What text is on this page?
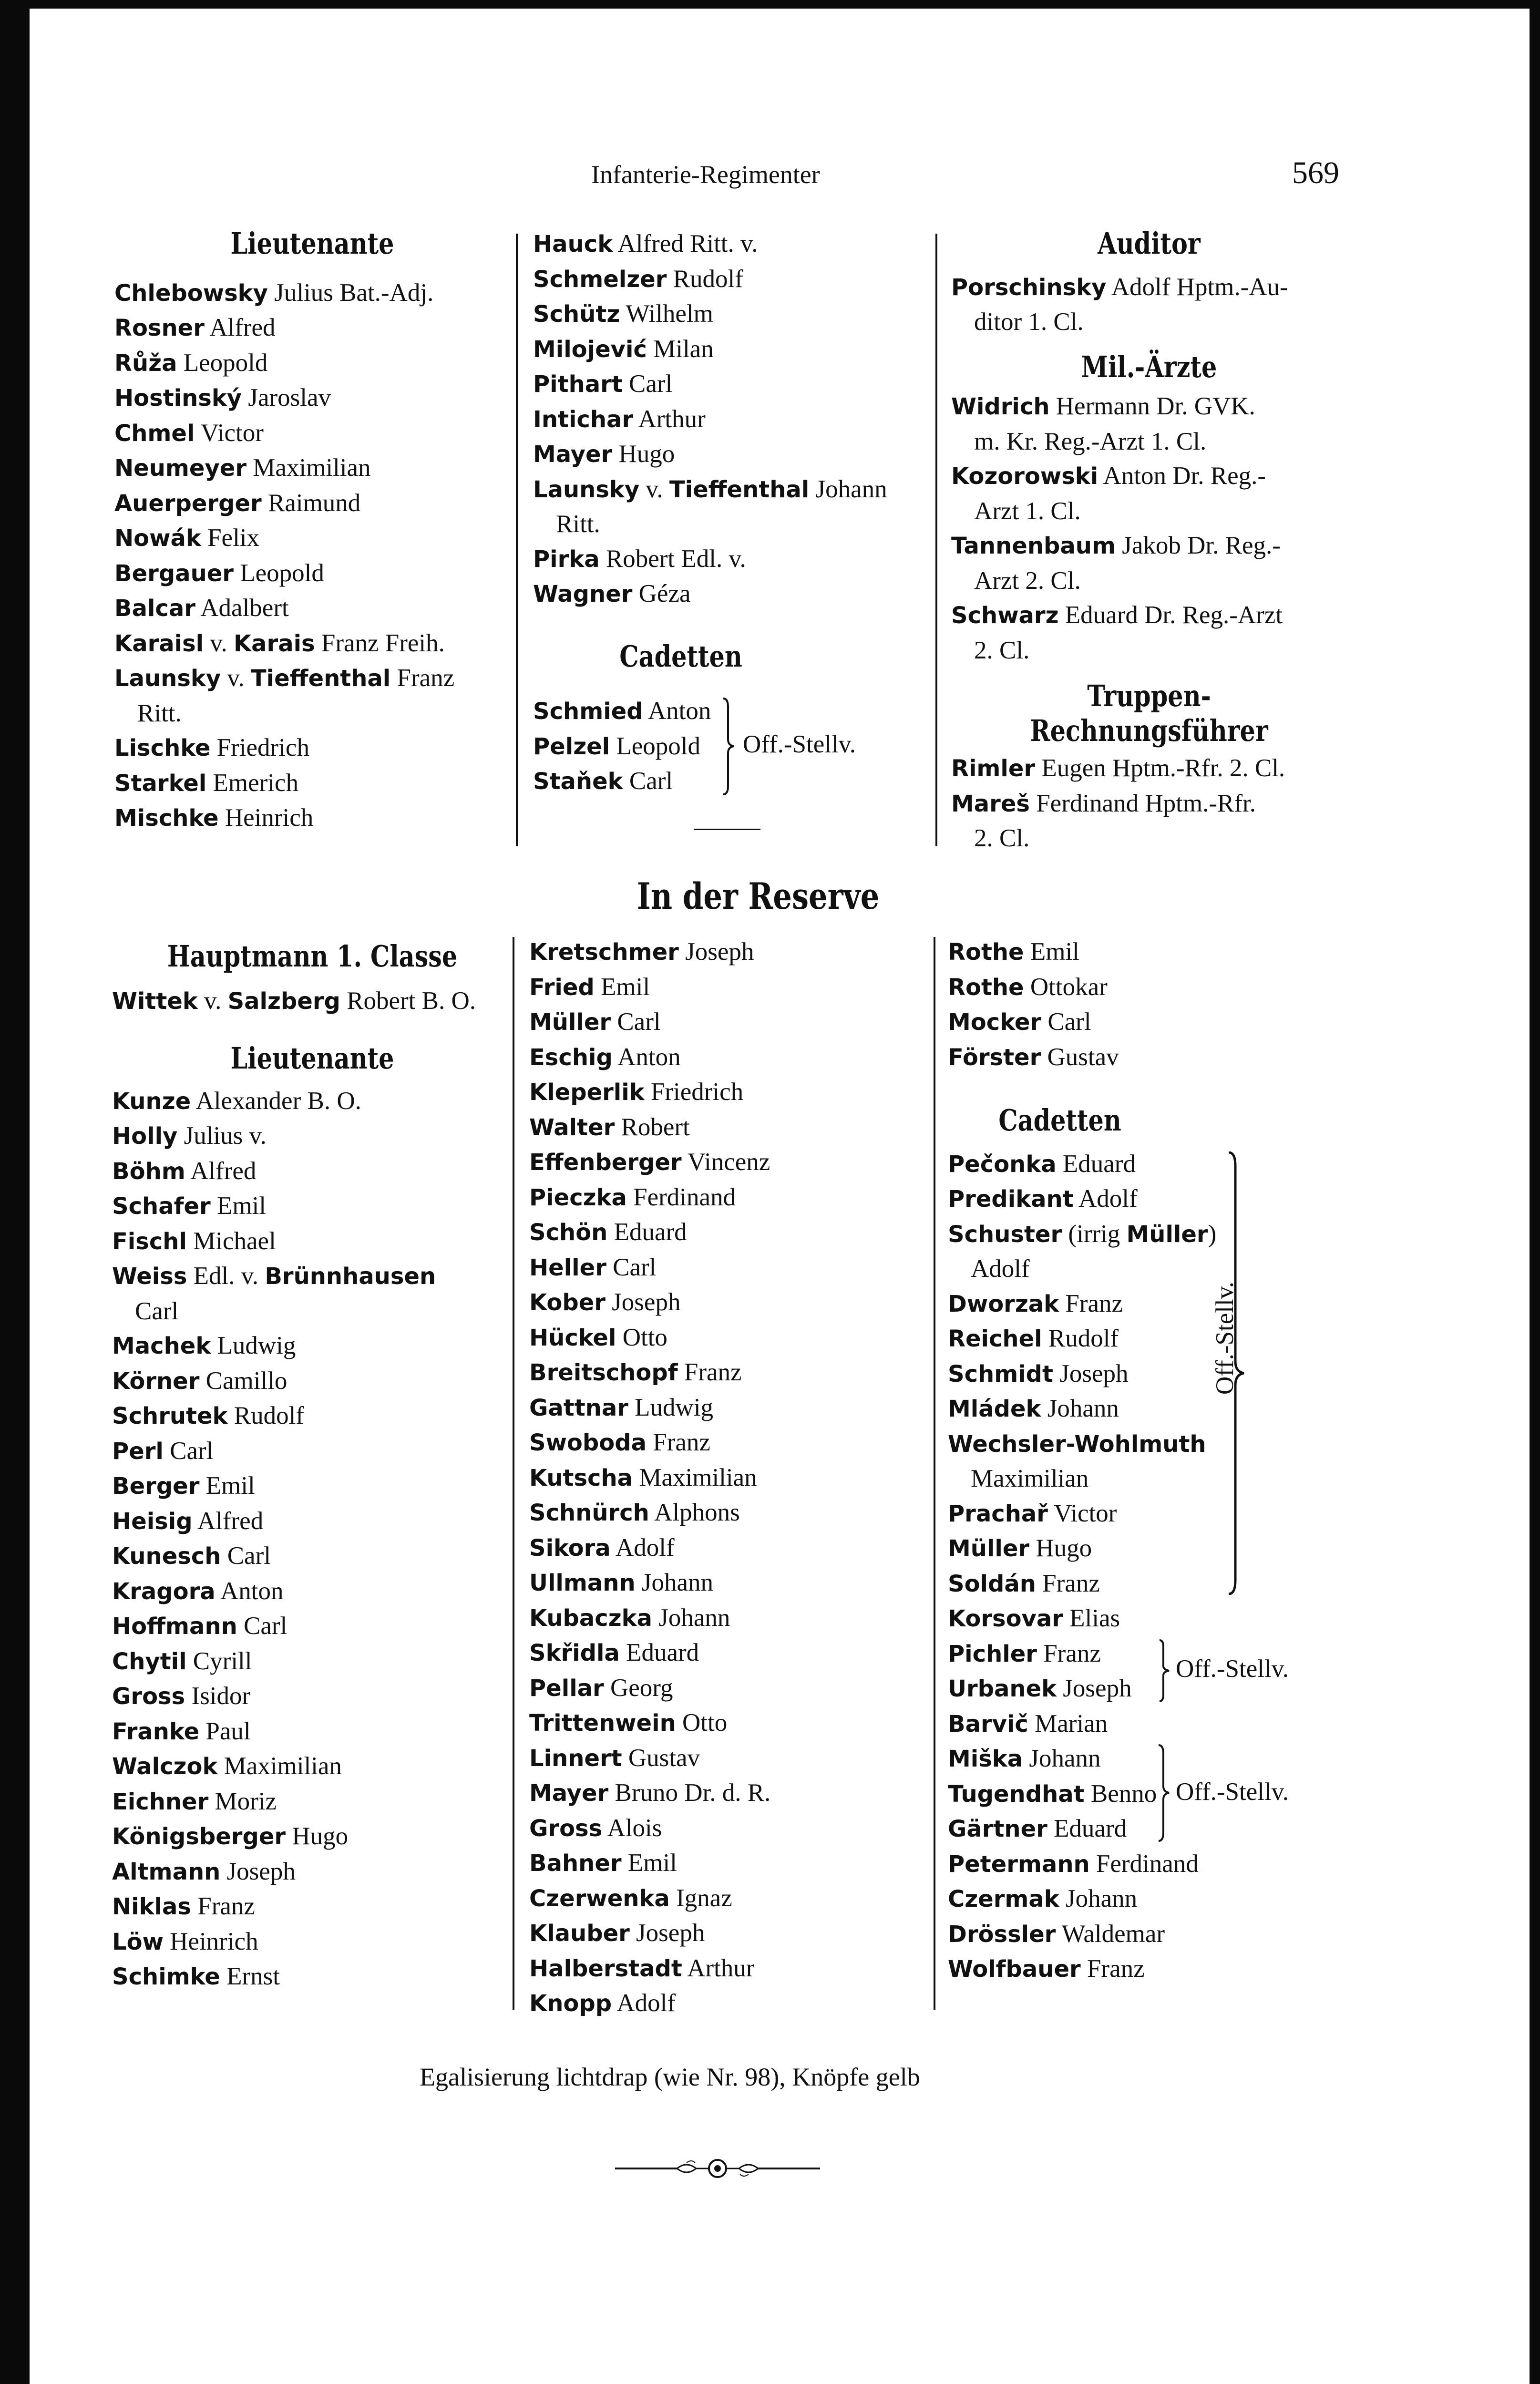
Infanterie-Regimenter	569
Lieutenante
Chlebowsky Julius Bat.-Adj.
Rosner Alfred
Růža Leopold
Hostinský Jaroslav
Chmel Victor
Neumeyer Maximilian
Auerperger Raimund
Nowák Felix
Bergauer Leopold
Balcar Adalbert
Karaisl v. Karais Franz Freih.
Launsky v. Tieffenthal Franz
Ritt.
Lischke Friedrich
Starkel Emerich
Mischke Heinrich
Hauck Alfred Ritt. v.
Schmelzer Rudolf
Schütz Wilhelm
Milojević Milan
Pithart Carl
Intichar Arthur
Mayer Hugo
Launsky v. Tieffenthal Johann
Ritt.
Pirka Robert Edl. v.
Wagner Géza
Cadetten
Schmied Anton
Pelzel Leopold
Staňek Carl
Off.-Stellv.
Auditor
Porschinsky Adolf Hptm.-Au-
ditor 1. Cl.
Mil.-Ärzte
Widrich Hermann Dr. GVK.
m. Kr. Reg.-Arzt 1. Cl.
Kozorowski Anton Dr. Reg.-
Arzt 1. Cl.
Tannenbaum Jakob Dr. Reg.-
Arzt 2. Cl.
Schwarz Eduard Dr. Reg.-Arzt
2. Cl.
Truppen-Rechnungsführer
Rimler Eugen Hptm.-Rfr. 2. Cl.
Mareš Ferdinand Hptm.-Rfr.
2. Cl.
In der Reserve
Hauptmann 1. Classe
Wittek v. Salzberg Robert B. O.
Lieutenante
Kunze Alexander B. O.
Holly Julius v.
Böhm Alfred
Schafer Emil
Fischl Michael
Weiss Edl. v. Brünnhausen
Carl
Machek Ludwig
Körner Camillo
Schrutek Rudolf
Perl Carl
Berger Emil
Heisig Alfred
Kunesch Carl
Kragora Anton
Hoffmann Carl
Chytil Cyrill
Gross Isidor
Franke Paul
Walczok Maximilian
Eichner Moriz
Königsberger Hugo
Altmann Joseph
Niklas Franz
Löw Heinrich
Schimke Ernst
Kretschmer Joseph
Fried Emil
Müller Carl
Eschig Anton
Kleperlik Friedrich
Walter Robert
Effenberger Vincenz
Pieczka Ferdinand
Schön Eduard
Heller Carl
Kober Joseph
Hückel Otto
Breitschopf Franz
Gattnar Ludwig
Swoboda Franz
Kutscha Maximilian
Schnürch Alphons
Sikora Adolf
Ullmann Johann
Kubaczka Johann
Skřidla Eduard
Pellar Georg
Trittenwein Otto
Linnert Gustav
Mayer Bruno Dr. d. R.
Gross Alois
Bahner Emil
Czerwenka Ignaz
Klauber Joseph
Halberstadt Arthur
Knopp Adolf
Rothe Emil
Rothe Ottokar
Mocker Carl
Förster Gustav
Cadetten
Pečonka Eduard
Predikant Adolf
Schuster (irrig Müller)
Adolf
Dworzak Franz
Reichel Rudolf
Schmidt Joseph
Mládek Johann
Wechsler-Wohlmuth
Maximilian
Prachař Victor
Müller Hugo
Soldán Franz
Off.-Stellv.
Korsovar Elias
Pichler Franz
Urbanek Joseph
Off.-Stellv.
Barvič Marian
Miška Johann
Tugendhat Benno
Gärtner Eduard
Off.-Stellv.
Petermann Ferdinand
Czermak Johann
Drössler Waldemar
Wolfbauer Franz
Egalisierung lichtdrap (wie Nr. 98), Knöpfe gelb
